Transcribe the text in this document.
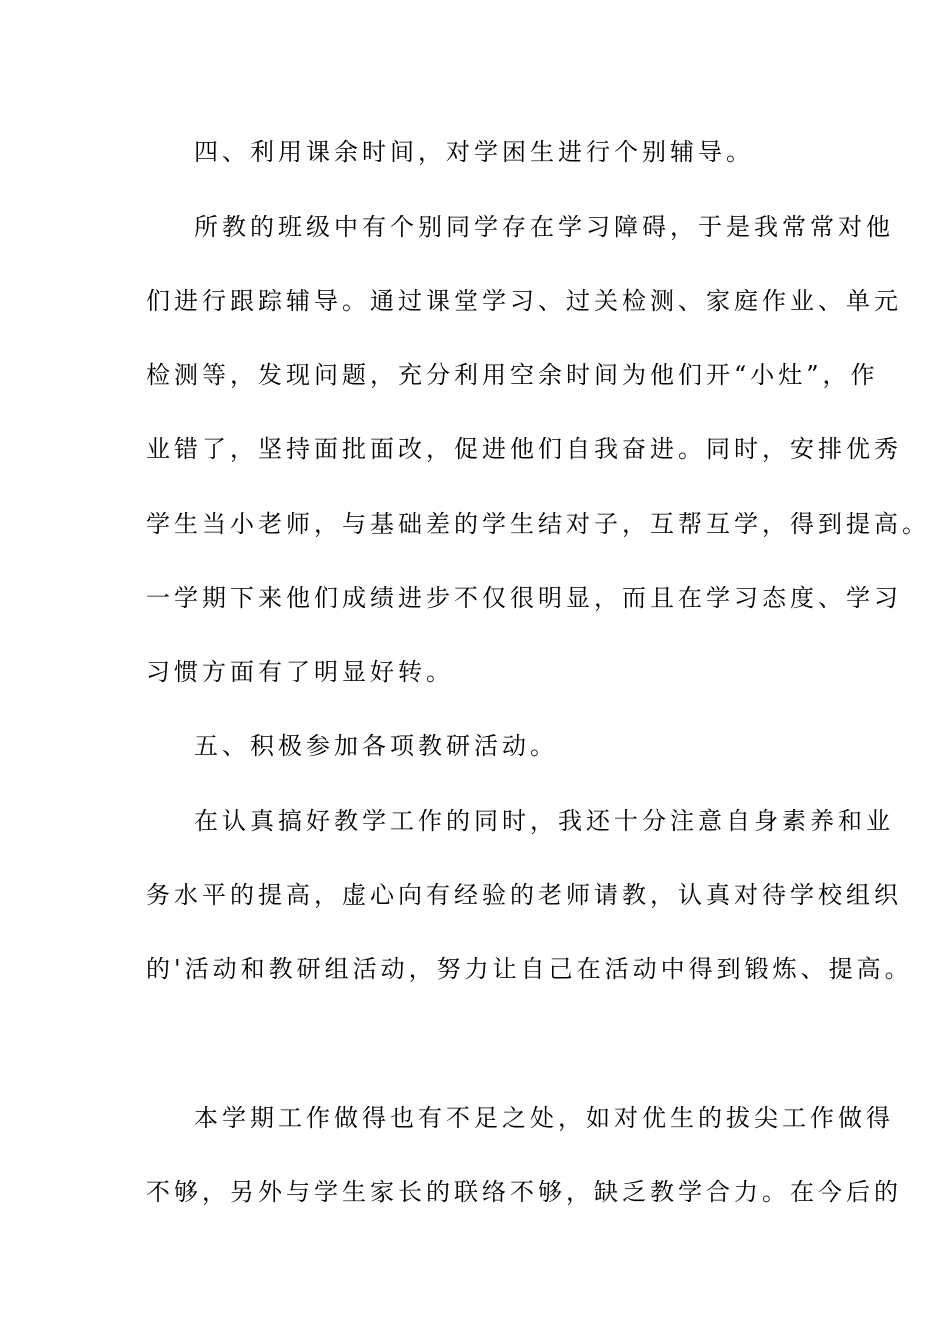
四、利用课余时间，对学困生进行个别辅导。

所教的班级中有个别同学存在学习障碍，于是我常常对他

们进行跟踪辅导。通过课堂学习、过关检测、家庭作业、单元

检测等，发现问题，充分利用空余时间为他们开“小灶”，作

业错了，坚持面批面改，促进他们自我奋进。同时，安排优秀

学生当小老师，与基础差的学生结对子，互帮互学，得到提高。

一学期下来他们成绩进步不仅很明显，而且在学习态度、学习

习惯方面有了明显好转。

五、积极参加各项教研活动。

在认真搞好教学工作的同时，我还十分注意自身素养和业

务水平的提高，虚心向有经验的老师请教，认真对待学校组织

的'活动和教研组活动，努力让自己在活动中得到锻炼、提高。

本学期工作做得也有不足之处，如对优生的拔尖工作做得

不够，另外与学生家长的联络不够，缺乏教学合力。在今后的
